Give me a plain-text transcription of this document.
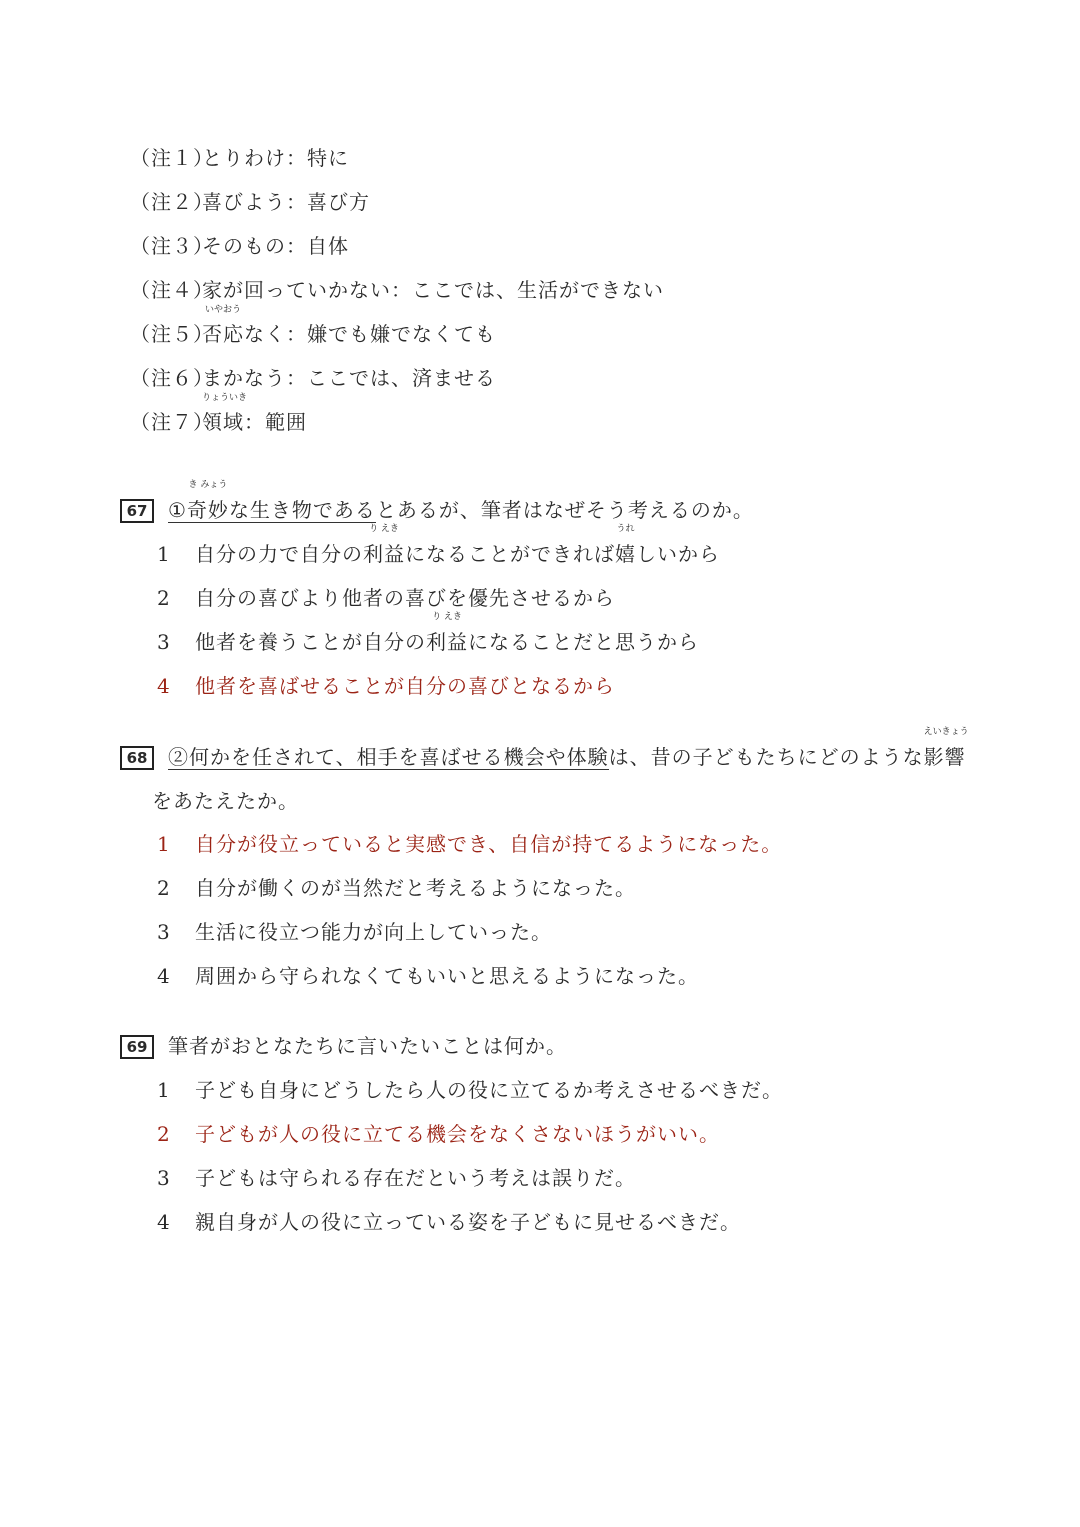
（注１）とりわけ：特に
（注２）喜びよう：喜び方
（注３）そのもの：自体
（注４）家が回っていかない：ここでは、生活ができない
（注５）否応
いやおう
なく：嫌でも嫌でなくても
（注６）まかなう：ここでは、済ませる
（注７）領域
りょういき
：範囲
67 ①奇妙
き みょう
な生き物であるとあるが、筆者はなぜそう考えるのか。
1 自分の力で自分の利益
り えき
になることができれば嬉
うれ
しいから
2 自分の喜びより他者の喜びを優先させるから
3 他者を養うことが自分の利益
り えき
になることだと思うから
4 他者を喜ばせることが自分の喜びとなるから
68 ②何かを任されて、相手を喜ばせる機会や体験は、昔の子どもたちにどのような影響
えいきょう
をあたえたか。
1 自分が役立っていると実感でき、自信が持てるようになった。
2 自分が働くのが当然だと考えるようになった。
3 生活に役立つ能力が向上していった。
4 周囲から守られなくてもいいと思えるようになった。
69 筆者がおとなたちに言いたいことは何か。
1 子ども自身にどうしたら人の役に立てるか考えさせるべきだ。
2 子どもが人の役に立てる機会をなくさないほうがいい。
3 子どもは守られる存在だという考えは誤りだ。
4 親自身が人の役に立っている姿を子どもに見せるべきだ。
